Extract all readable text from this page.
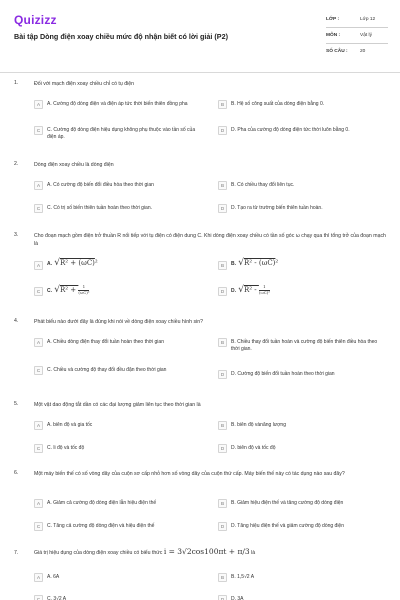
Quizizz
Bài tập Dòng điện xoay chiều mức độ nhận biết có lời giải (P2)
LỚP :	Lớp 12
MÔN :	Vật lý
SỐ CÂU :	20
1.	Đối với mạch điện xoay chiều chỉ có tụ điện
A	A. Cường độ dòng điện và điện áp tức thời biến thiên đồng pha	B	B. Hệ số công suất của dòng điện bằng 0.
C	C. Cường độ dòng điện hiệu dụng không phụ thuộc vào tần số của điện áp.
D	D. Pha của cường độ dòng điện tức thời luôn bằng 0.
2.	Dòng điện xoay chiều là dòng điện
A	A. Có cường độ biến đổi điều hòa theo thời gian	B	B. Có chiều thay đổi liên tục.
C	C. Có trị số biến thiên tuần hoàn theo thời gian.	D	D. Tạo ra từ trường biến thiên tuần hoàn.
3.	Cho đoạn mạch gồm điện trở thuần R nối tiếp với tụ điện có điện dung C. Khi dòng điện xoay chiều có tần số góc ω chạy qua thì tổng trở của đoạn mạch là
A	A. √R² + (ωC)²	B	B. √R² - (ωC)²
C	C. $√R^2 + \frac{1}{\text{(ωC)²}}$	D	D. $√R^2 - \frac{1}{\text{(ωC)²}}$
4.	Phát biểu nào dưới đây là đúng khi nói về dòng điện xoay chiều hình sin?
A	A. Chiều dòng điện thay đổi tuần hoàn theo thời gian	B	B. Chiều thay đổi tuần hoàn và cường độ biến thiên điều hòa theo thời gian.
C	C. Chiều và cường độ thay đổi đều đặn theo thời gian
D	D. Cường độ biến đổi tuần hoàn theo thời gian
5.	Một vật dao động tắt dần có các đại lượng giảm liên tục theo thời gian là
A	A. biên độ và gia tốc	B	B. biên độ vànăng lượng
C	C. li độ và tốc độ	D	D. biên độ và tốc độ
6.	Một máy biến thế có số vòng dây của cuộn sơ cấp nhỏ hơn số vòng dây của cuộn thứ cấp. Máy biến thế này có tác dụng nào sau đây?
A	A. Giảm cả cường độ dòng điện lẫn hiệu điện thế	B	B. Giảm hiệu điện thế và tăng cường độ dòng điện
C	C. Tăng cả cường độ dòng điện và hiệu điện thế	D	D. Tăng hiệu điện thế và giảm cường độ dòng điện
7.	Giá trị hiệu dụng của dòng điện xoay chiều có biểu thức i = 3√2cos100πt + π/3 là
A	A. 6A	B	B. 1,5√2 A
C	C. 3√2 A	D	D. 3A
